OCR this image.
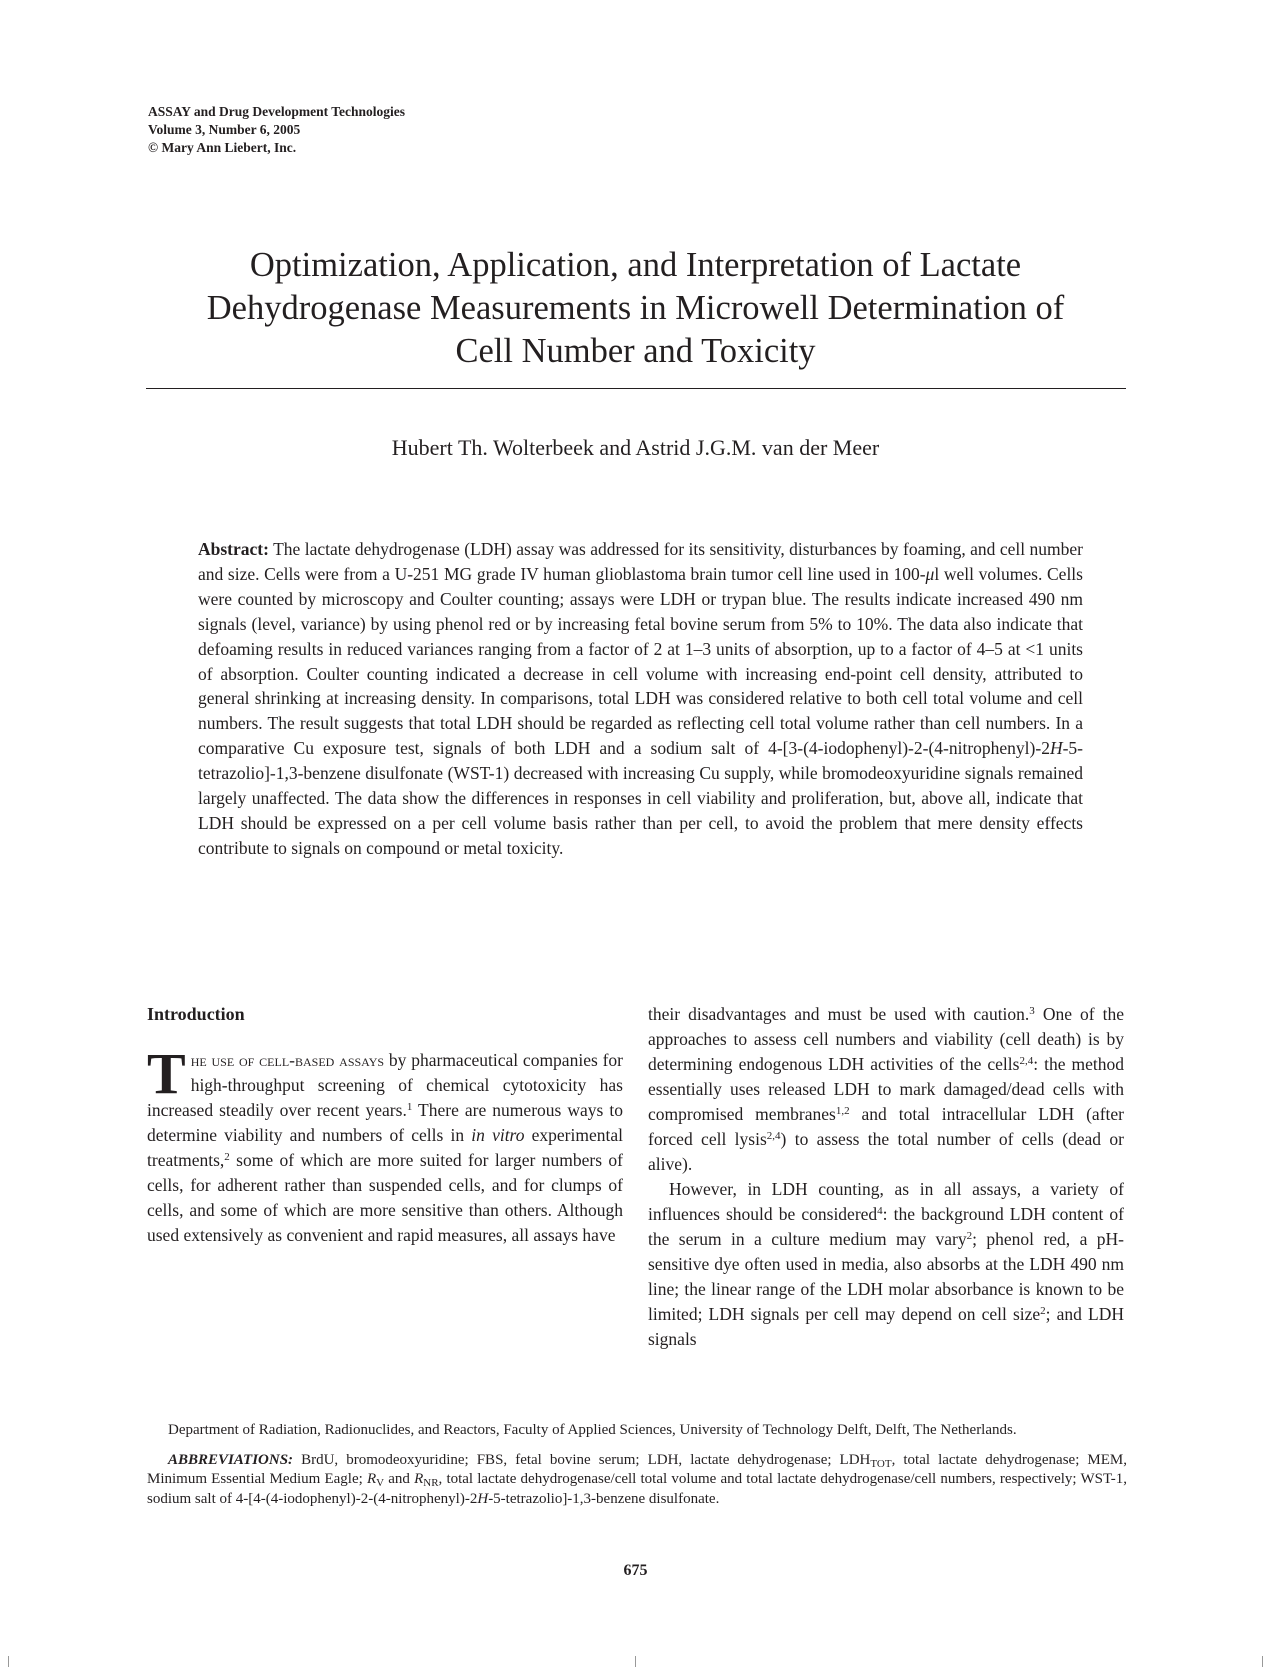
ASSAY and Drug Development Technologies
Volume 3, Number 6, 2005
© Mary Ann Liebert, Inc.
Optimization, Application, and Interpretation of Lactate
Dehydrogenase Measurements in Microwell Determination of
Cell Number and Toxicity
Hubert Th. Wolterbeek and Astrid J.G.M. van der Meer

Abstract: The lactate dehydrogenase (LDH) assay was addressed for its sensitivity, disturbances by foaming, and cell number and size. Cells were from a U-251 MG grade IV human glioblastoma brain tumor cell line used in 100-μl well volumes. Cells were counted by microscopy and Coulter counting; assays were LDH or trypan blue. The results indicate increased 490 nm signals (level, variance) by using phenol red or by increasing fetal bovine serum from 5% to 10%. The data also indicate that defoaming results in reduced variances ranging from a factor of 2 at 1–3 units of absorption, up to a factor of 4–5 at <1 units of absorption. Coulter counting indicated a decrease in cell volume with increasing end-point cell density, attributed to general shrinking at increasing density. In comparisons, total LDH was considered relative to both cell total volume and cell numbers. The result suggests that total LDH should be regarded as reflecting cell total volume rather than cell numbers. In a comparative Cu exposure test, signals of both LDH and a sodium salt of 4-[3-(4-iodophenyl)-2-(4-nitrophenyl)-2H-5-tetrazolio]-1,3-benzene disulfonate (WST-1) decreased with increasing Cu supply, while bromodeoxyuridine signals remained largely unaffected. The data show the differences in responses in cell viability and proliferation, but, above all, indicate that LDH should be expressed on a per cell volume basis rather than per cell, to avoid the problem that mere density effects contribute to signals on compound or metal toxicity.

Introduction

The use of cell-based assays by pharmaceutical companies for high-throughput screening of chemical cytotoxicity has increased steadily over recent years.$^1$ There are numerous ways to determine viability and numbers of cells in in vitro experimental treatments,$^2$ some of which are more suited for larger numbers of cells, for adherent rather than suspended cells, and for clumps of cells, and some of which are more sensitive than others. Although used extensively as convenient and rapid measures, all assays have

their disadvantages and must be used with caution.$^3$ One of the approaches to assess cell numbers and viability (cell death) is by determining endogenous LDH activities of the cells$^{2,4}$: the method essentially uses released LDH to mark damaged/dead cells with compromised membranes$^{1,2}$ and total intracellular LDH (after forced cell lysis$^{2,4}$) to assess the total number of cells (dead or alive).

However, in LDH counting, as in all assays, a variety of influences should be considered$^4$: the background LDH content of the serum in a culture medium may vary$^2$; phenol red, a pH-sensitive dye often used in media, also absorbs at the LDH 490 nm line; the linear range of the LDH molar absorbance is known to be limited; LDH signals per cell may depend on cell size$^2$; and LDH signals

Department of Radiation, Radionuclides, and Reactors, Faculty of Applied Sciences, University of Technology Delft, Delft, The Netherlands.

ABBREVIATIONS: BrdU, bromodeoxyuridine; FBS, fetal bovine serum; LDH, lactate dehydrogenase; $LDH_{TOT}$, total lactate dehydrogenase; MEM, Minimum Essential Medium Eagle; $R_V$ and $R_{NR}$, total lactate dehydrogenase/cell total volume and total lactate dehydrogenase/cell numbers, respectively; WST-1, sodium salt of 4-[4-(4-iodophenyl)-2-(4-nitrophenyl)-2H-5-tetrazolio]-1,3-benzene disulfonate.

675
